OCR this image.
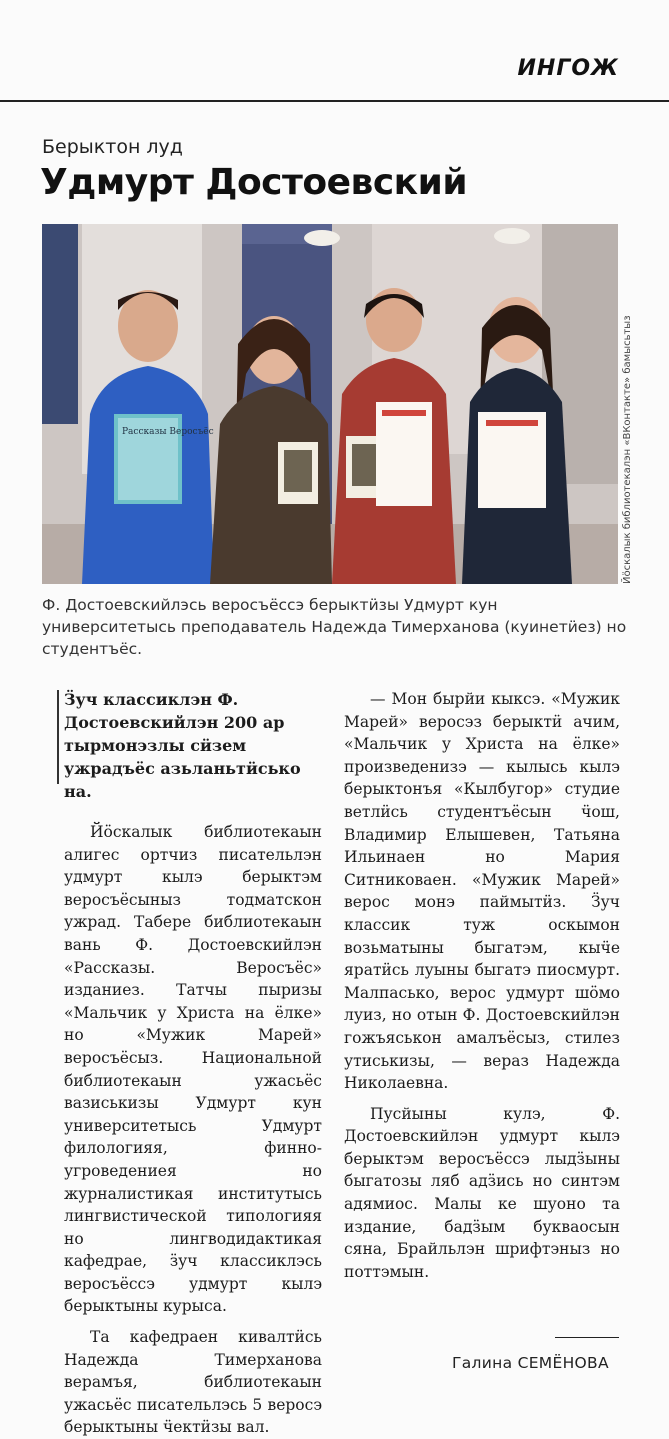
ИНГОЖ
Берыктон луд
Удмурт Достоевский
Рассказы Веросъёс	Йӧскалык библиотекалэн «ВКонтакте» бамысьтыз
Ф. Достоевскийлэсь веросъёссэ берыктӥзы Удмурт кун университетысь преподаватель Надежда Тимерханова (куинетӥез) но студентъёс.

Ӟуч классиклэн Ф. Достоевскийлэн 200 ар тырмонэзлы сӥзем ужрадъёс азьланьтӥсько на.

Йӧскалык библиотекаын алигес ортчиз писательлэн удмурт кылэ берыктэм веросъёсыныз тодматскон ужрад. Табере библиотекаын вань Ф. Достоевскийлэн «Рассказы. Веросъёс» изданиез. Татчы пыризы «Мальчик у Христа на ёлке» но «Мужик Марей» веросъёсыз. Национальной библиотекаын ужасьёс вазиськизы Удмурт кун университетысь Удмурт филологияя, финно-угроведениея но журналистикая институтысь лингвистической типологияя но лингводидактикая кафедрае, ӟуч классиклэсь веросъёссэ удмурт кылэ берыктыны курыса.

Та кафедраен кивалтӥсь Надежда Тимерханова верамъя, библиотекаын ужасьёс писательлэсь 5 веросэ берыктыны ӵектӥзы вал.

— Мон бырйи кыксэ. «Мужик Марей» веросэз берыктӥ ачим, «Мальчик у Христа на ёлке» произведенизэ — кылысь кылэ берыктонъя «Кылбугор» студие ветлӥсь студентъёсын ӵош, Владимир Елышевен, Татьяна Ильинаен но Мария Ситниковаен. «Мужик Марей» верос монэ паймытӥз. Ӟуч классик туж оскымон возьматыны быгатэм, кыӵе яратӥсь луыны быгатэ пиосмурт. Малпасько, верос удмурт шӧмо луиз, но отын Ф. Достоевскийлэн гожъяськон амалъёсыз, стилез утиськизы, — вераз Надежда Николаевна.

Пусйыны кулэ, Ф. Достоевскийлэн удмурт кылэ берыктэм веросъёссэ лыдӟыны быгатозы ляб адӟись но синтэм адямиос. Малы ке шуоно та издание, бадӟым букваосын сяна, Брайльлэн шрифтэныз но поттэмын.

Галина СЕМЁНОВА
